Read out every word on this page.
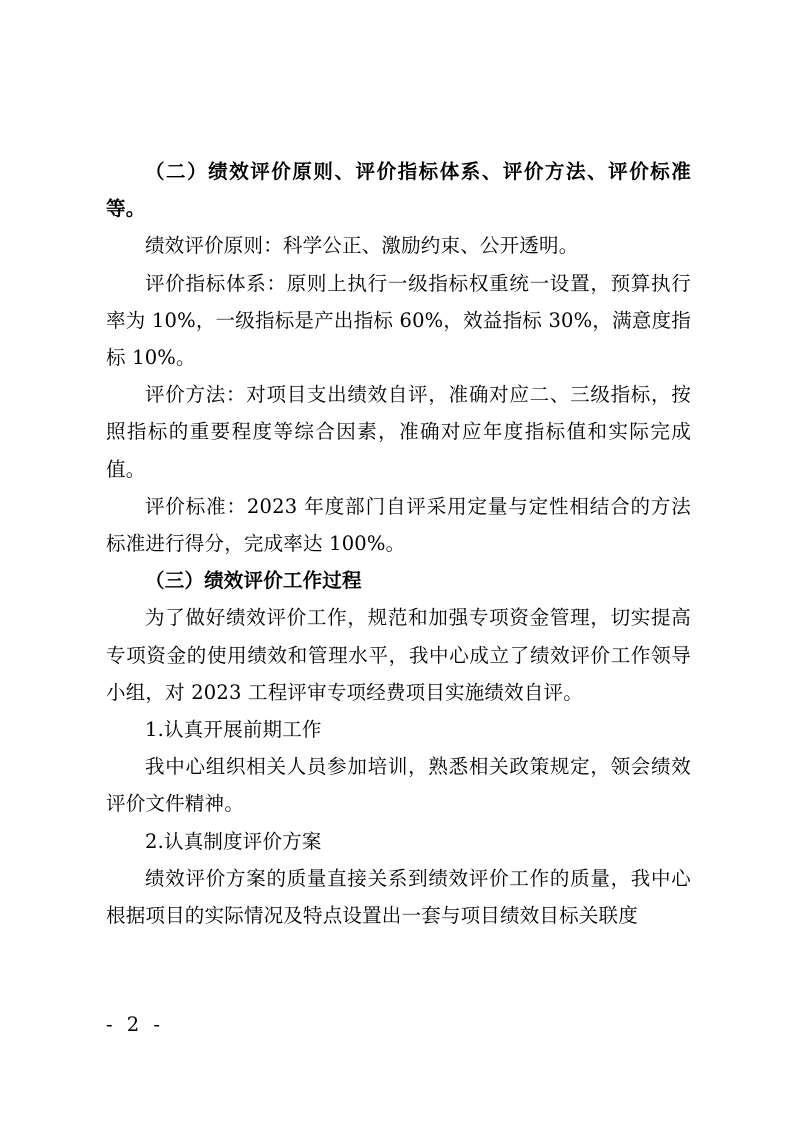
（二）绩效评价原则、评价指标体系、评价方法、评价标准等。

绩效评价原则：科学公正、激励约束、公开透明。

评价指标体系：原则上执行一级指标权重统一设置，预算执行率为 10%，一级指标是产出指标 60%，效益指标 30%，满意度指标 10%。

评价方法：对项目支出绩效自评，准确对应二、三级指标，按照指标的重要程度等综合因素，准确对应年度指标值和实际完成值。

评价标准：2023 年度部门自评采用定量与定性相结合的方法标准进行得分，完成率达 100%。

（三）绩效评价工作过程

为了做好绩效评价工作，规范和加强专项资金管理，切实提高专项资金的使用绩效和管理水平，我中心成立了绩效评价工作领导小组，对 2023 工程评审专项经费项目实施绩效自评。

1.认真开展前期工作

我中心组织相关人员参加培训，熟悉相关政策规定，领会绩效评价文件精神。

2.认真制度评价方案

绩效评价方案的质量直接关系到绩效评价工作的质量，我中心根据项目的实际情况及特点设置出一套与项目绩效目标关联度

- 2 -
